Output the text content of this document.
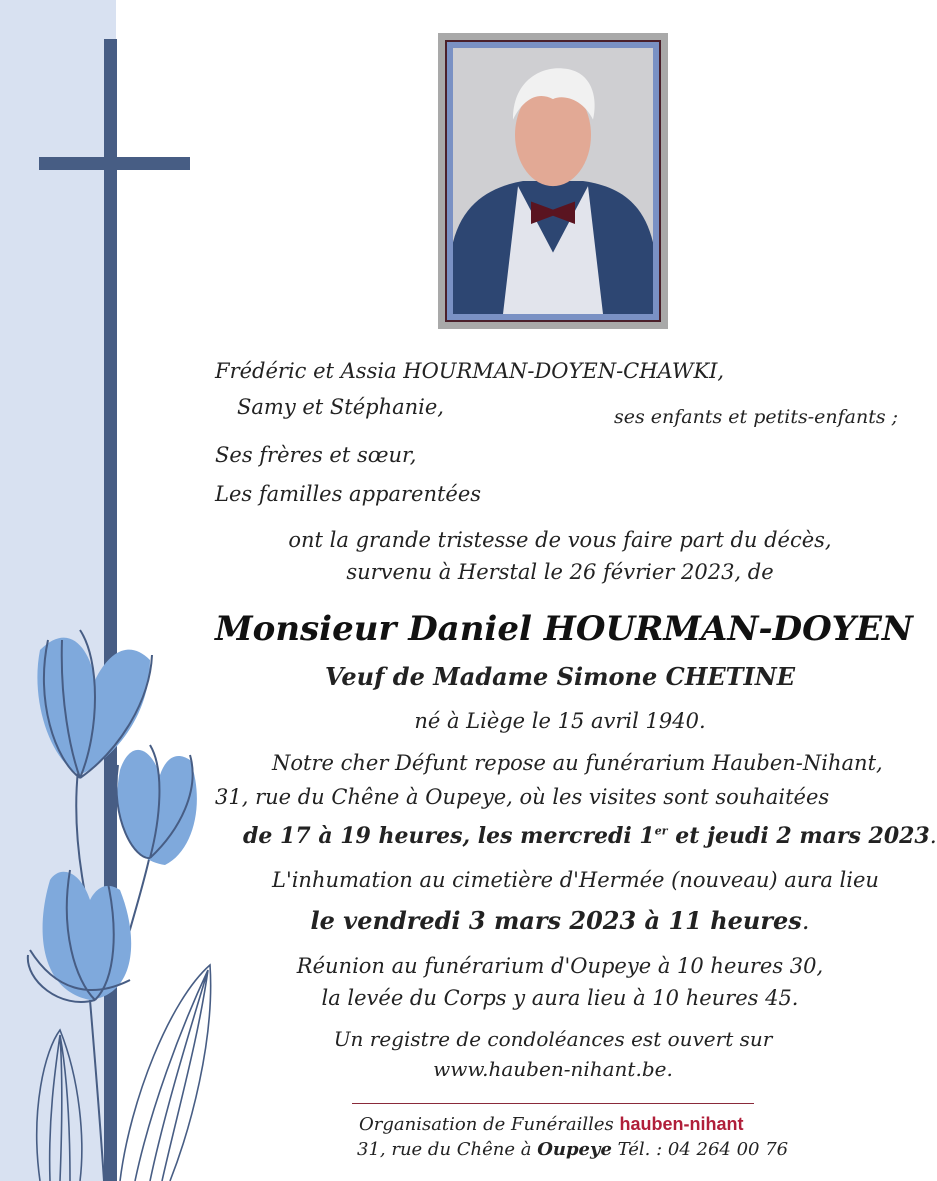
Frédéric et Assia HOURMAN-DOYEN-CHAWKI,
Samy et Stéphanie,	ses enfants et petits-enfants ;
Ses frères et sœur,
Les familles apparentées
ont la grande tristesse de vous faire part du décès,
survenu à Herstal le 26 février 2023, de
Monsieur Daniel HOURMAN-DOYEN
Veuf de Madame Simone CHETINE
né à Liège le 15 avril 1940.
Notre cher Défunt repose au funérarium Hauben-Nihant,
31, rue du Chêne à Oupeye, où les visites sont souhaitées
de 17 à 19 heures, les mercredi 1er et jeudi 2 mars 2023.
L'inhumation au cimetière d'Hermée (nouveau) aura lieu
le vendredi 3 mars 2023 à 11 heures.
Réunion au funérarium d'Oupeye à 10 heures 30,
la levée du Corps y aura lieu à 10 heures 45.
Un registre de condoléances est ouvert sur
www.hauben-nihant.be.
Organisation de Funérailles hauben-nihant
31, rue du Chêne à Oupeye Tél. : 04 264 00 76
